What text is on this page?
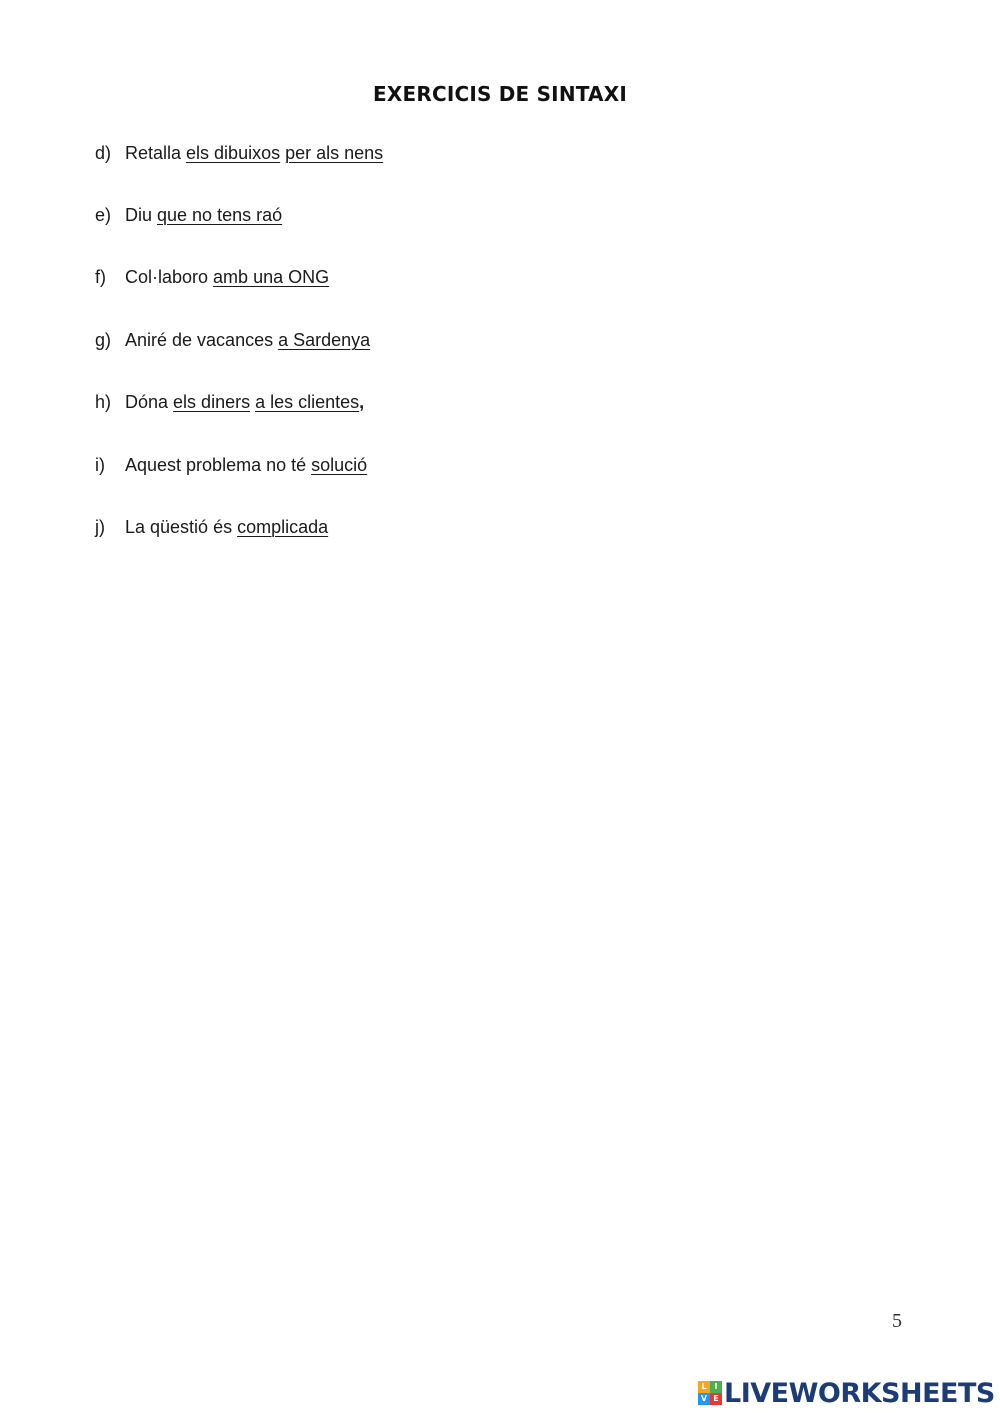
EXERCICIS DE SINTAXI
d) Retalla els dibuixos per als nens
e) Diu que no tens raó
f) Col·laboro amb una ONG
g) Aniré de vacances a Sardenya
h) Dóna els diners a les clientes,
i) Aquest problema no té solució
j) La qüestió és complicada
5
L I
V E LIVEWORKSHEETS
